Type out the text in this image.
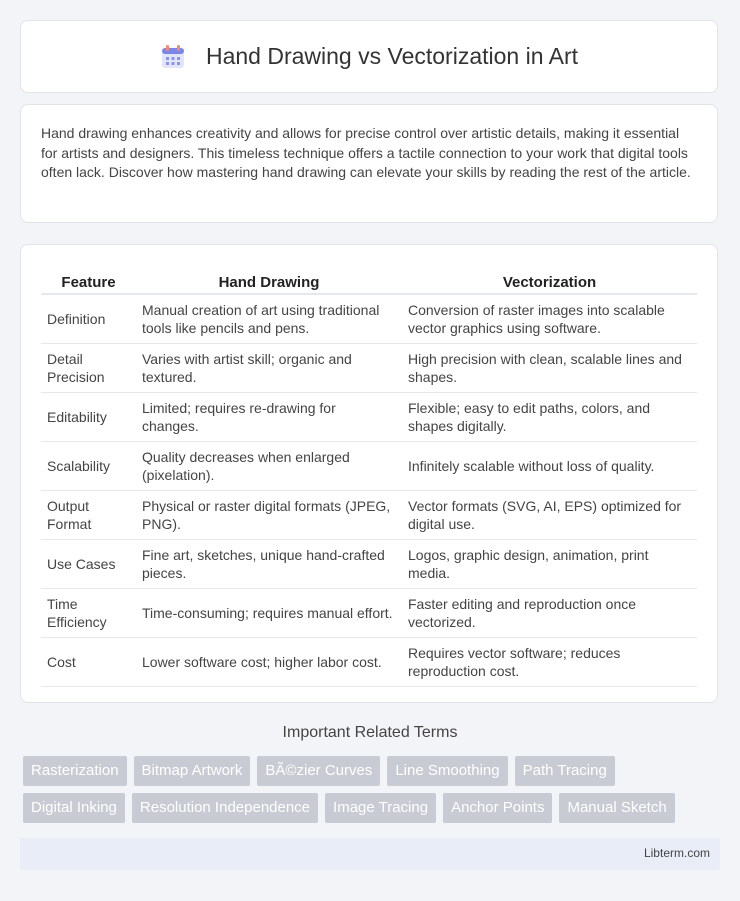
Hand Drawing vs Vectorization in Art

Hand drawing enhances creativity and allows for precise control over artistic details, making it essential for artists and designers. This timeless technique offers a tactile connection to your work that digital tools often lack. Discover how mastering hand drawing can elevate your skills by reading the rest of the article.

Feature	Hand Drawing	Vectorization
Definition	Manual creation of art using traditional tools like pencils and pens.	Conversion of raster images into scalable vector graphics using software.
Detail Precision	Varies with artist skill; organic and textured.	High precision with clean, scalable lines and shapes.
Editability	Limited; requires re-drawing for changes.	Flexible; easy to edit paths, colors, and shapes digitally.
Scalability	Quality decreases when enlarged (pixelation).	Infinitely scalable without loss of quality.
Output Format	Physical or raster digital formats (JPEG, PNG).	Vector formats (SVG, AI, EPS) optimized for digital use.
Use Cases	Fine art, sketches, unique hand-crafted pieces.	Logos, graphic design, animation, print media.
Time Efficiency	Time-consuming; requires manual effort.	Faster editing and reproduction once vectorized.
Cost	Lower software cost; higher labor cost.	Requires vector software; reduces reproduction cost.
Important Related Terms
Rasterization	Bitmap Artwork	BÃ©zier Curves	Line Smoothing	Path Tracing
Digital Inking	Resolution Independence	Image Tracing	Anchor Points	Manual Sketch
Libterm.com
